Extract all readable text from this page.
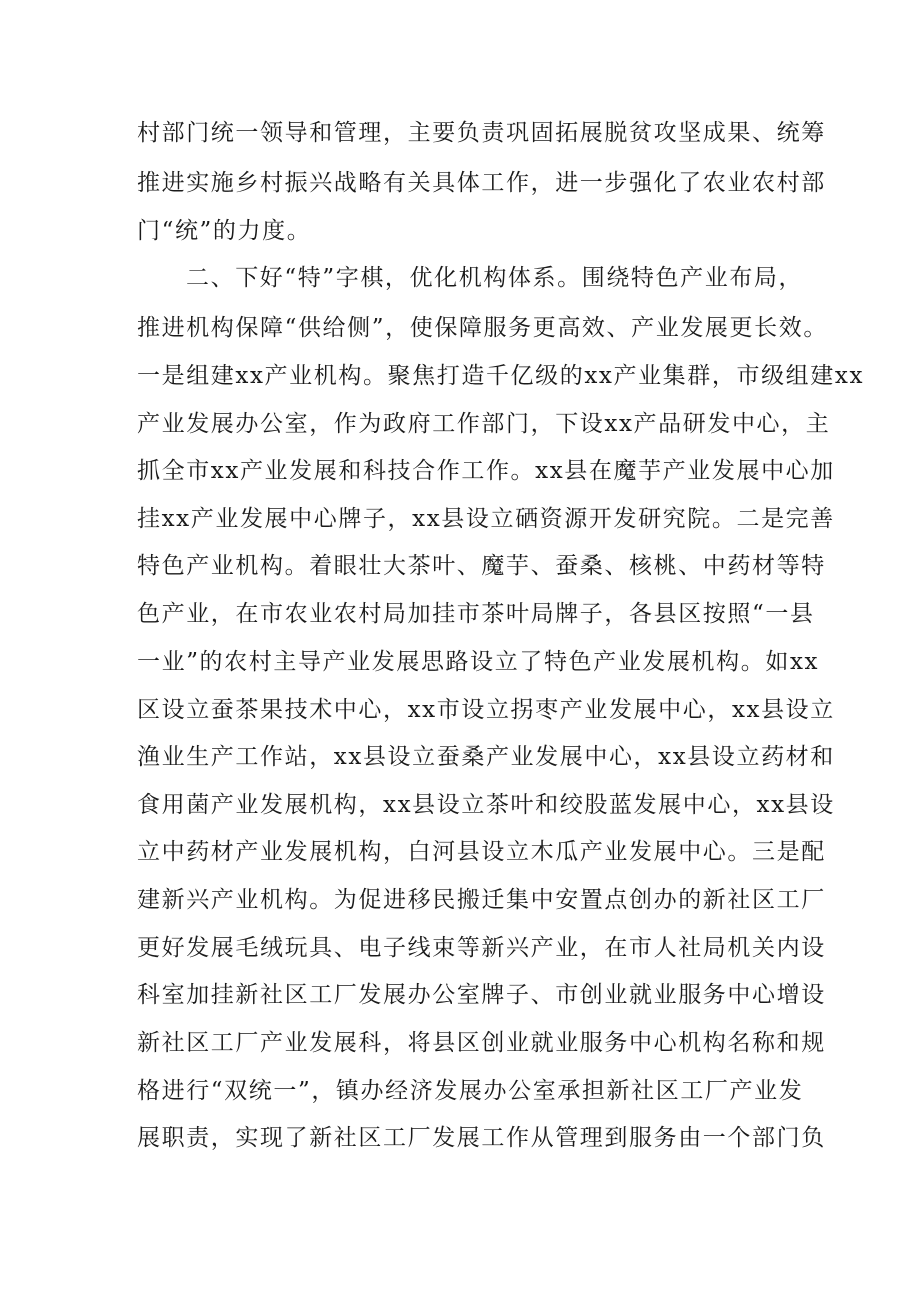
村部门统一领导和管理，主要负责巩固拓展脱贫攻坚成果、统筹
推进实施乡村振兴战略有关具体工作，进一步强化了农业农村部
门“统”的力度。
二、下好“特”字棋，优化机构体系。围绕特色产业布局，
推进机构保障“供给侧”，使保障服务更高效、产业发展更长效。
一是组建xx产业机构。聚焦打造千亿级的xx产业集群，市级组建xx
产业发展办公室，作为政府工作部门，下设xx产品研发中心，主
抓全市xx产业发展和科技合作工作。xx县在魔芋产业发展中心加
挂xx产业发展中心牌子，xx县设立硒资源开发研究院。二是完善
特色产业机构。着眼壮大茶叶、魔芋、蚕桑、核桃、中药材等特
色产业，在市农业农村局加挂市茶叶局牌子，各县区按照“一县
一业”的农村主导产业发展思路设立了特色产业发展机构。如xx
区设立蚕茶果技术中心，xx市设立拐枣产业发展中心，xx县设立
渔业生产工作站，xx县设立蚕桑产业发展中心，xx县设立药材和
食用菌产业发展机构，xx县设立茶叶和绞股蓝发展中心，xx县设
立中药材产业发展机构，白河县设立木瓜产业发展中心。三是配
建新兴产业机构。为促进移民搬迁集中安置点创办的新社区工厂
更好发展毛绒玩具、电子线束等新兴产业，在市人社局机关内设
科室加挂新社区工厂发展办公室牌子、市创业就业服务中心增设
新社区工厂产业发展科，将县区创业就业服务中心机构名称和规
格进行“双统一”，镇办经济发展办公室承担新社区工厂产业发
展职责，实现了新社区工厂发展工作从管理到服务由一个部门负
